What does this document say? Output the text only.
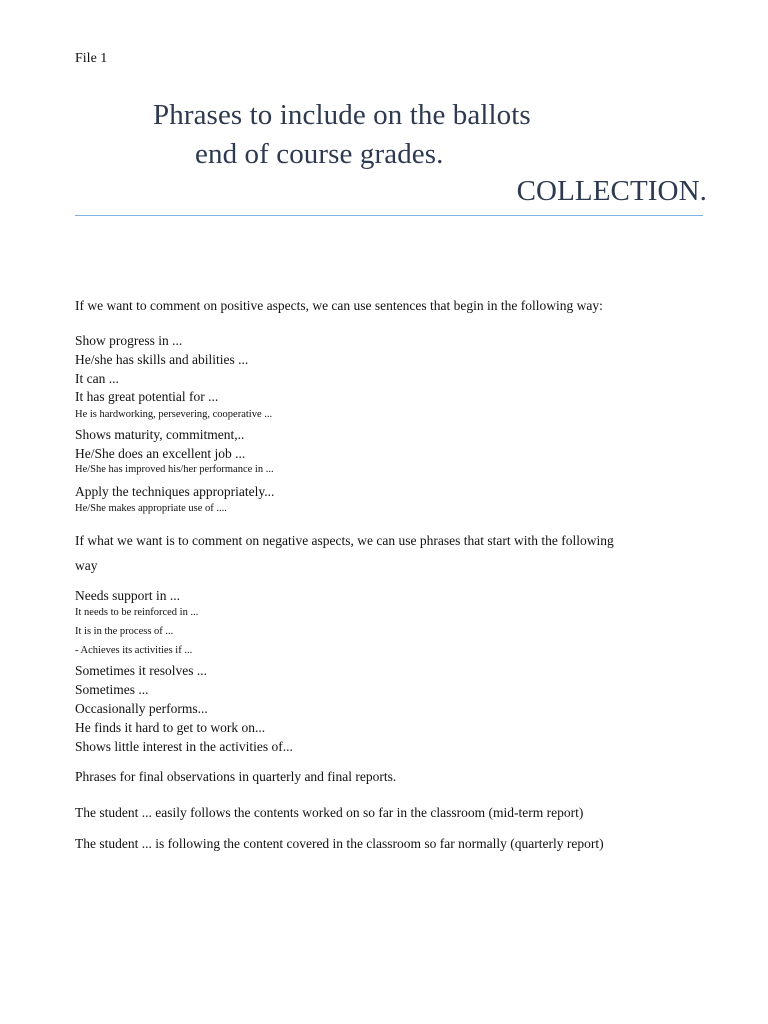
File 1
Phrases to include on the ballots
end of course grades.
COLLECTION.
If we want to comment on positive aspects, we can use sentences that begin in the following way:
Show progress in ...
He/she has skills and abilities ...
It can ...
It has great potential for ...
He is hardworking, persevering, cooperative ...
Shows maturity, commitment,..
He/She does an excellent job ...
He/She has improved his/her performance in ...
Apply the techniques appropriately...
He/She makes appropriate use of ....
If what we want is to comment on negative aspects, we can use phrases that start with the following
way
Needs support in ...
It needs to be reinforced in ...
It is in the process of ...
- Achieves its activities if ...
Sometimes it resolves ...
Sometimes ...
Occasionally performs...
He finds it hard to get to work on...
Shows little interest in the activities of...
Phrases for final observations in quarterly and final reports.
The student ... easily follows the contents worked on so far in the classroom (mid-term report)
The student ... is following the content covered in the classroom so far normally (quarterly report)
